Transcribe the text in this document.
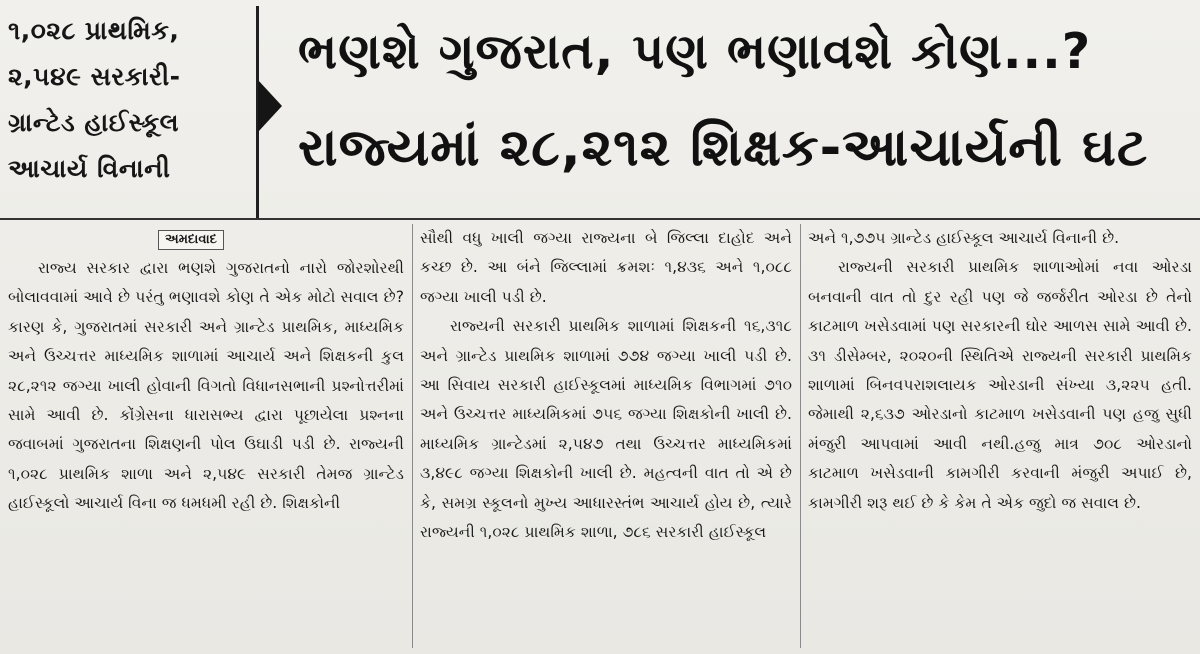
૧,૦૨૮ પ્રાથમિક,
૨,૫૪૯ સરકારી-
ગ્રાન્ટેડ હાઈસ્કૂલ
આચાર્ય વિનાની
ભણશે ગુજરાત, પણ ભણાવશે કોણ...?
રાજ્યમાં ૨૮,૨૧૨ શિક્ષક-આચાર્યની ઘટ
અમદાવાદ

રાજ્ય સરકાર દ્વારા ભણશે ગુજરાતનો નારો જોરશોરથી બોલાવવામાં આવે છે પરંતુ ભણાવશે કોણ તે એક મોટો સવાલ છે? કારણ કે, ગુજરાતમાં સરકારી અને ગ્રાન્ટેડ પ્રાથમિક, માધ્યમિક અને ઉચ્ચત્તર માધ્યમિક શાળામાં આચાર્ય અને શિક્ષકની કુલ ૨૮,૨૧૨ જગ્યા ખાલી હોવાની વિગતો વિધાનસભાની પ્રશ્નોત્તરીમાં સામે આવી છે. કોંગ્રેસના ધારાસભ્ય દ્વારા પૂછાયેલા પ્રશ્નના જવાબમાં ગુજરાતના શિક્ષણની પોલ ઉઘાડી પડી છે. રાજ્યની ૧,૦૨૮ પ્રાથમિક શાળા અને ૨,૫૪૯ સરકારી તેમજ ગ્રાન્ટેડ હાઈસ્કૂલો આચાર્ય વિના જ ધમધમી રહી છે. શિક્ષકોની

સૌથી વધુ ખાલી જગ્યા રાજ્યના બે જિલ્લા દાહોદ અને કચ્છ છે. આ બંને જિલ્લામાં ક્રમશઃ ૧,૪૩૬ અને ૧,૦૮૮ જગ્યા ખાલી પડી છે.

રાજ્યની સરકારી પ્રાથમિક શાળામાં શિક્ષકની ૧૬,૩૧૮ અને ગ્રાન્ટેડ પ્રાથમિક શાળામાં ૭૭૪ જગ્યા ખાલી પડી છે. આ સિવાય સરકારી હાઈસ્કૂલમાં માધ્યમિક વિભાગમાં ૭૧૦ અને ઉચ્ચત્તર માધ્યમિકમાં ૭૫૬ જગ્યા શિક્ષકોની ખાલી છે. માધ્યમિક ગ્રાન્ટેડમાં ૨,૫૪૭ તથા ઉચ્ચત્તર માધ્યમિકમાં ૩,૪૯૮ જગ્યા શિક્ષકોની ખાલી છે. મહત્વની વાત તો એ છે કે, સમગ્ર સ્કૂલનો મુખ્ય આધારસ્તંભ આચાર્ય હોય છે, ત્યારે રાજ્યની ૧,૦૨૮ પ્રાથમિક શાળા, ૭૮૬ સરકારી હાઈસ્કૂલ

અને ૧,૭૭૫ ગ્રાન્ટેડ હાઈસ્કૂલ આચાર્ય વિનાની છે.

રાજ્યની સરકારી પ્રાથમિક શાળાઓમાં નવા ઓરડા બનવાની વાત તો દુર રહી પણ જે જર્જરીત ઓરડા છે તેનો કાટમાળ ખસેડવામાં પણ સરકારની ઘોર આળસ સામે આવી છે. ૩૧ ડીસેમ્બર, ૨૦૨૦ની સ્થિતિએ રાજ્યની સરકારી પ્રાથમિક શાળામાં બિનવપરાશલાયક ઓરડાની સંખ્યા ૩,૨૨૫ હતી. જેમાથી ૨,૬૩૭ ઓરડાનો કાટમાળ ખસેડવાની પણ હજુ સુધી મંજુરી આપવામાં આવી નથી.હજુ માત્ર ૭૦૮ ઓરડાનો કાટમાળ ખસેડવાની કામગીરી કરવાની મંજુરી અપાઈ છે, કામગીરી શરૂ થઈ છે કે કેમ તે એક જુદો જ સવાલ છે.
